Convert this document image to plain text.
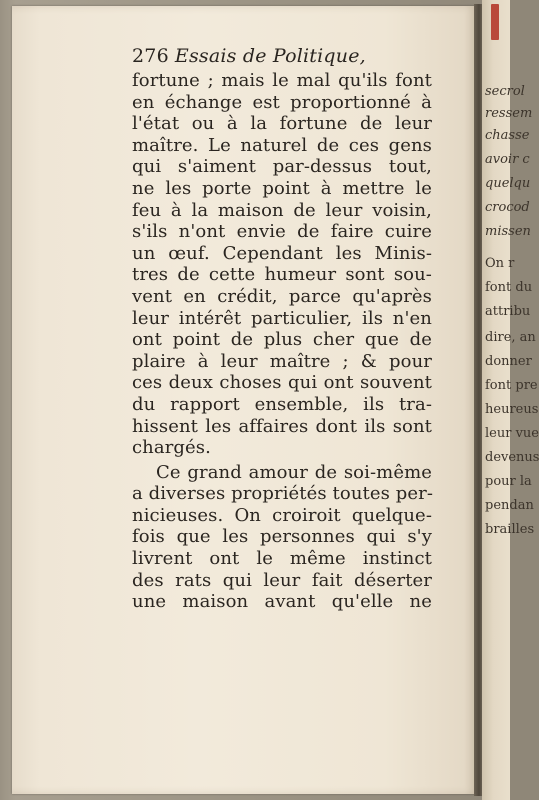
secrol
ressem
chasse
avoir c
quelqu
crocod
missen
On r
font du
attribu
dire, an
donner
font pre
heureus
leur vue
devenus
pour la
pendan
brailles
276 Essais de Politique,
fortune ; mais le mal qu'ils font
en échange est proportionné à
l'état ou à la fortune de leur
maître. Le naturel de ces gens
qui s'aiment par-dessus tout,
ne les porte point à mettre le
feu à la maison de leur voisin,
s'ils n'ont envie de faire cuire
un œuf. Cependant les Minis-
tres de cette humeur sont sou-
vent en crédit, parce qu'après
leur intérêt particulier, ils n'en
ont point de plus cher que de
plaire à leur maître ; & pour
ces deux choses qui ont souvent
du rapport ensemble, ils tra-
hissent les affaires dont ils sont
chargés.
Ce grand amour de soi-même
a diverses propriétés toutes per-
nicieuses. On croiroit quelque-
fois que les personnes qui s'y
livrent ont le même instinct
des rats qui leur fait déserter
une maison avant qu'elle ne
